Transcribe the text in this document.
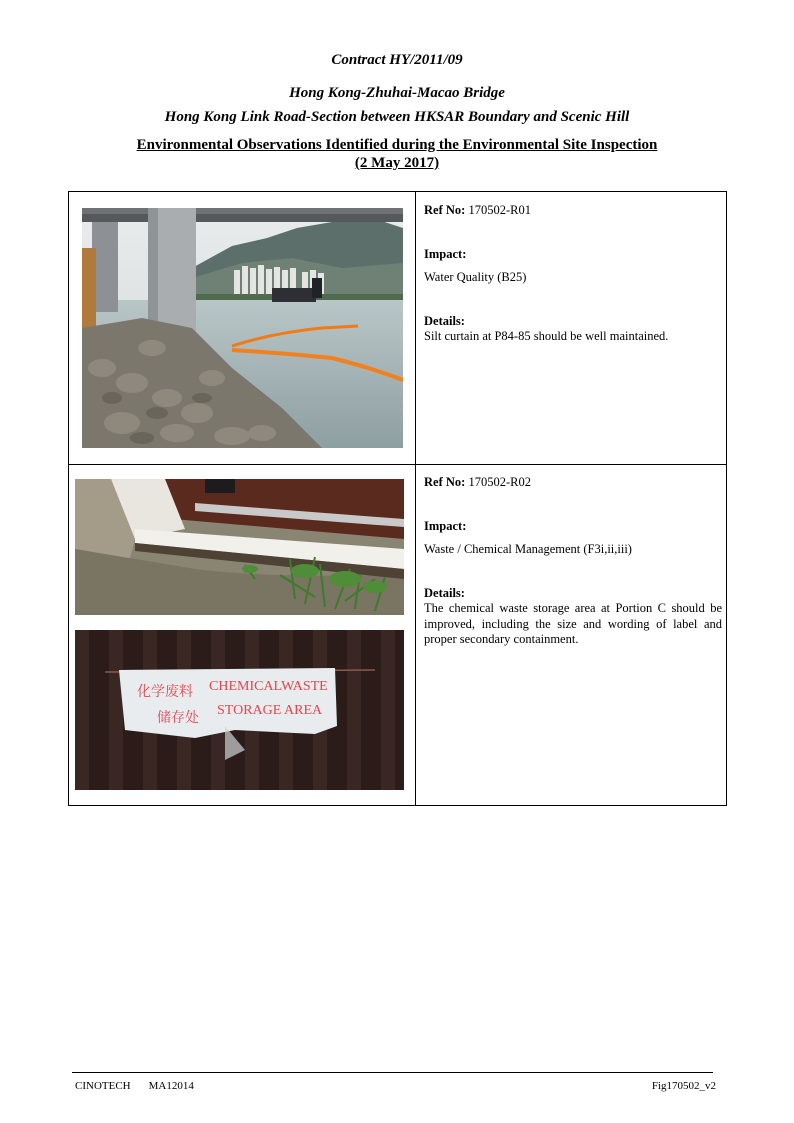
Contract HY/2011/09
Hong Kong-Zhuhai-Macao Bridge
Hong Kong Link Road-Section between HKSAR Boundary and Scenic Hill
Environmental Observations Identified during the Environmental Site Inspection
(2 May 2017)
化学废料
储存处
CHEMICALWASTE
STORAGE AREA

Ref No: 170502-R01

Impact:

Water Quality (B25)

Details:

Silt curtain at P84-85 should be well maintained.

Ref No: 170502-R02

Impact:

Waste / Chemical Management (F3i,ii,iii)

Details:

The chemical waste storage area at Portion C should be improved, including the size and wording of label and proper secondary containment.

CINOTECH MA12014	Fig170502_v2
